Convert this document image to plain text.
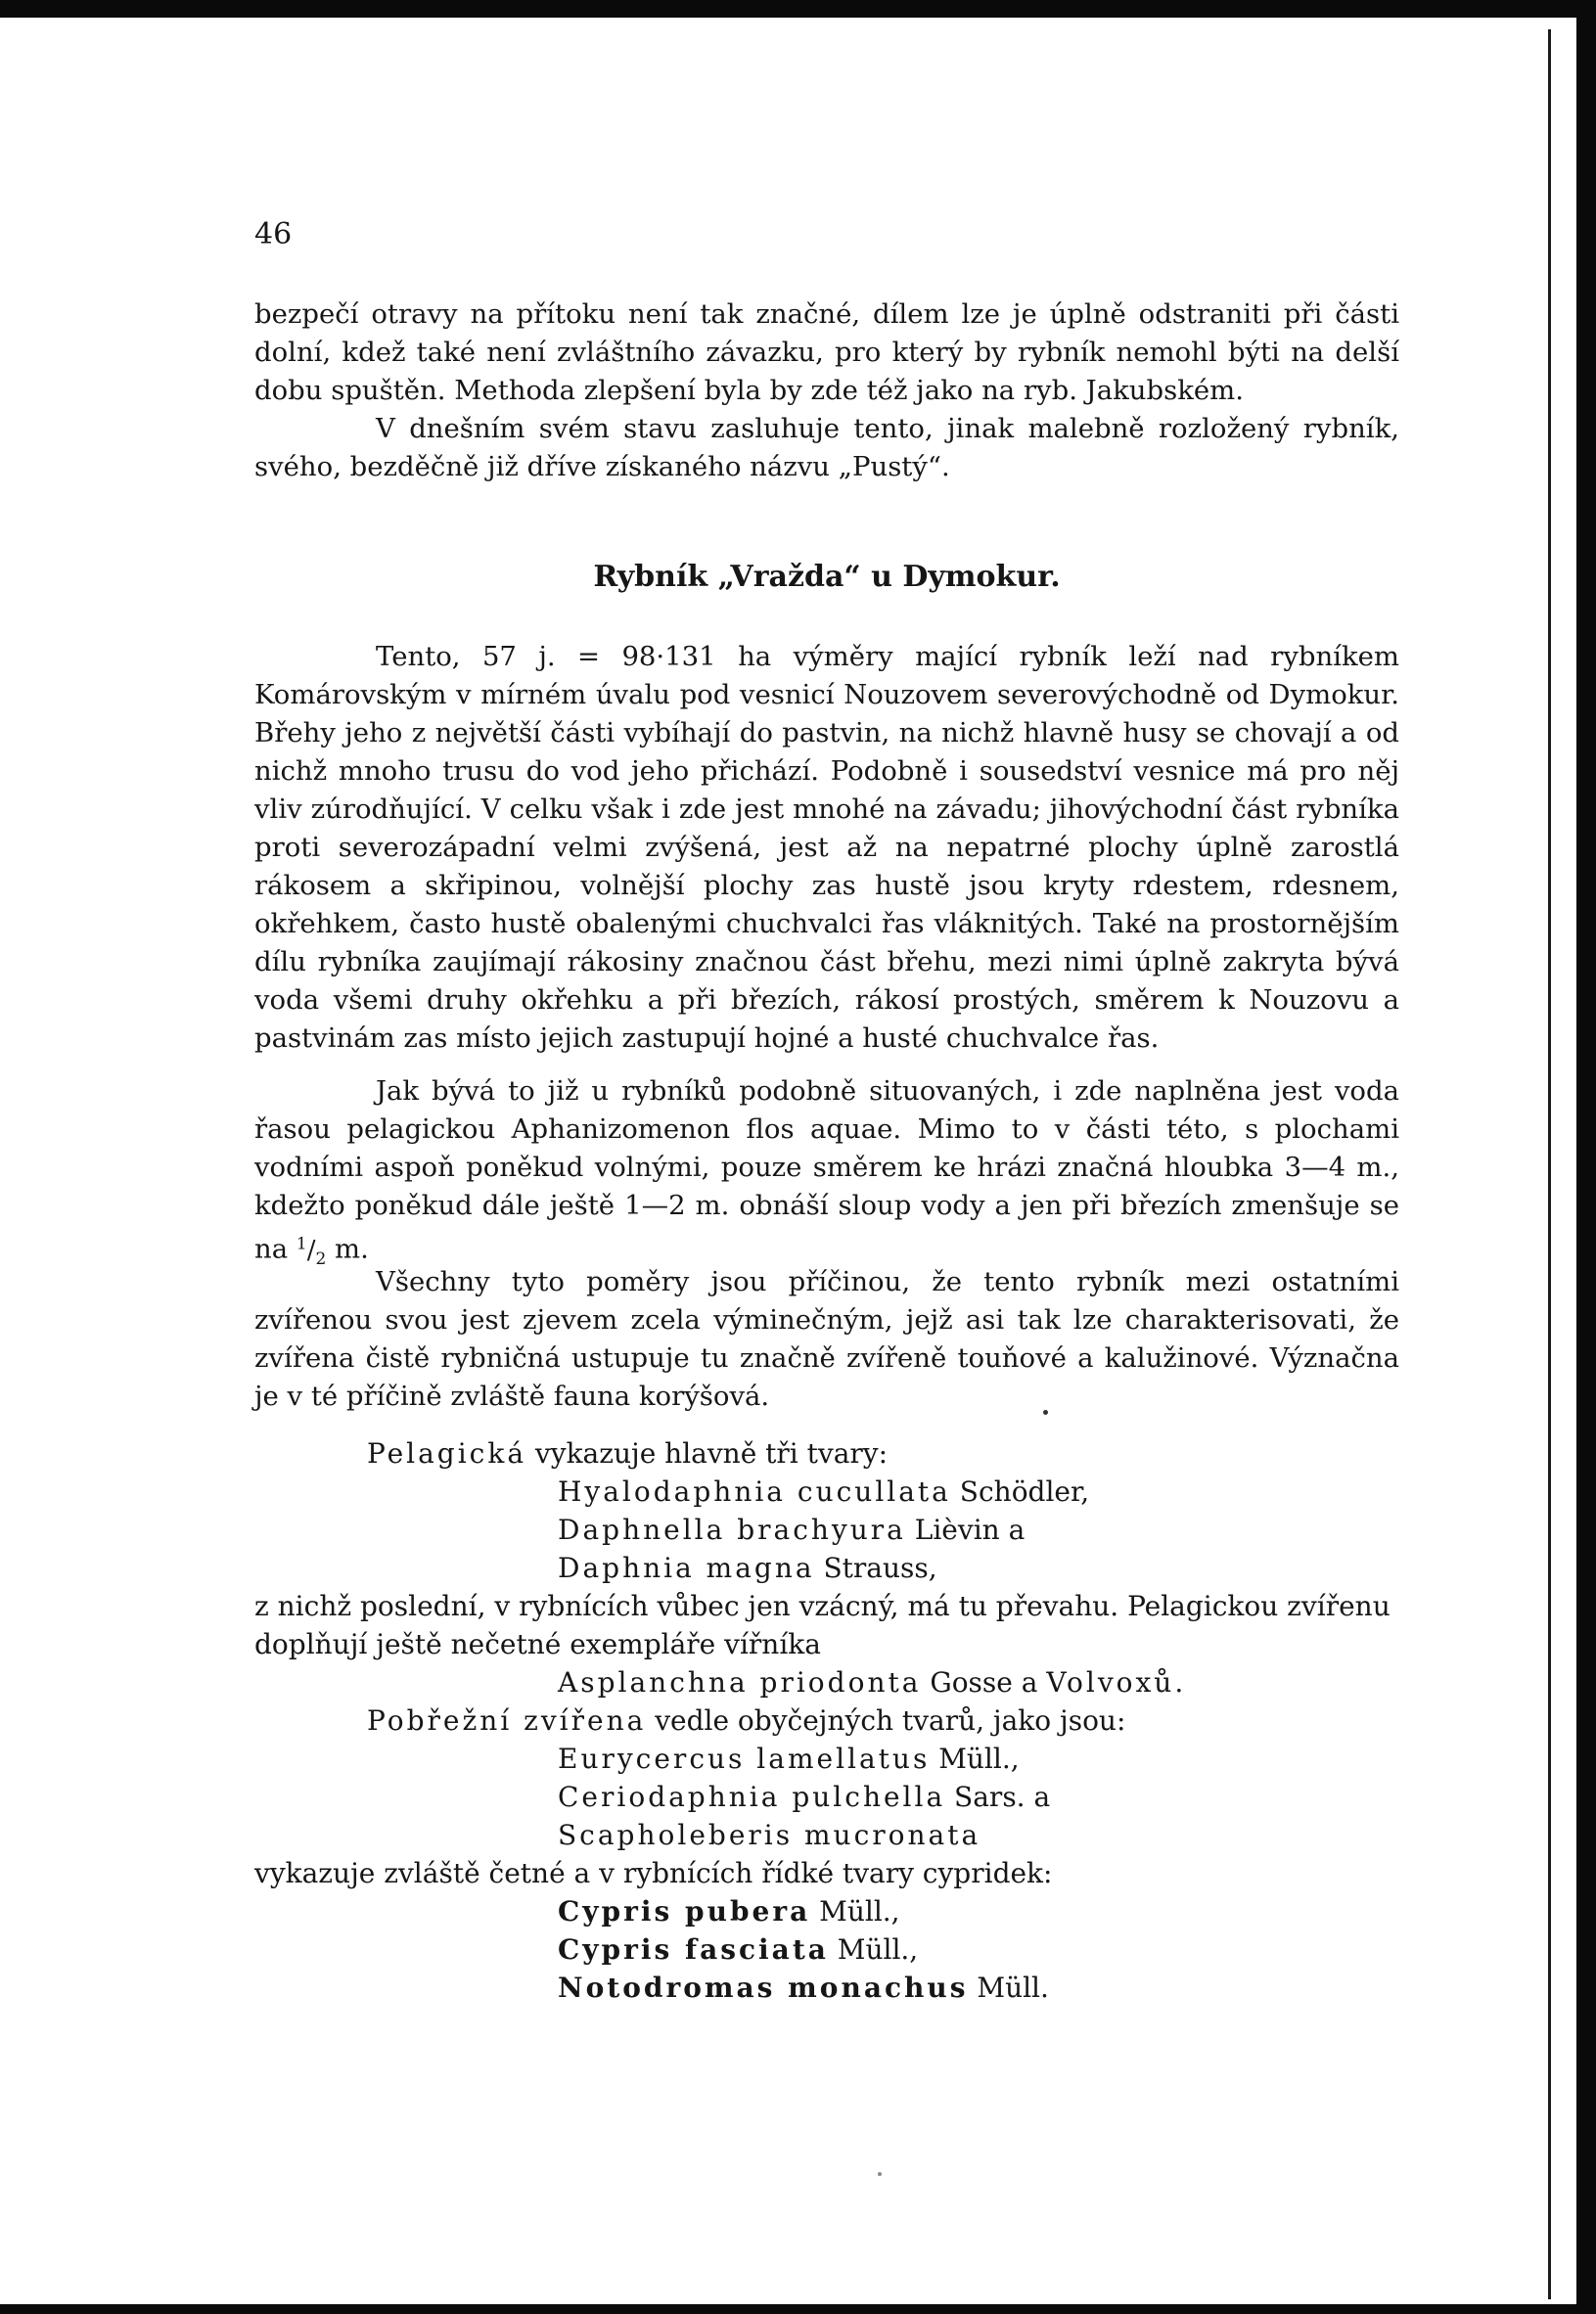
46

bezpečí otravy na přítoku není tak značné, dílem lze je úplně odstraniti při části dolní, kdež také není zvláštního závazku, pro který by rybník nemohl býti na delší dobu spuštěn. Methoda zlepšení byla by zde též jako na ryb. Jakubském.

V dnešním svém stavu zasluhuje tento, jinak malebně rozložený rybník, svého, bezděčně již dříve získaného názvu „Pustý“.

Rybník „Vražda“ u Dymokur.

Tento, 57 j. = 98·131 ha výměry mající rybník leží nad rybníkem Komárovským v mírném úvalu pod vesnicí Nouzovem severovýchodně od Dymokur. Břehy jeho z největší části vybíhají do pastvin, na nichž hlavně husy se chovají a od nichž mnoho trusu do vod jeho přichází. Podobně i sousedství vesnice má pro něj vliv zúrodňující. V celku však i zde jest mnohé na závadu; jihovýchodní část rybníka proti severozápadní velmi zvýšená, jest až na nepatrné plochy úplně zarostlá rákosem a skřipinou, volnější plochy zas hustě jsou kryty rdestem, rdesnem, okřehkem, často hustě obalenými chuchvalci řas vláknitých. Také na prostornějším dílu rybníka zaujímají rákosiny značnou část břehu, mezi nimi úplně zakryta bývá voda všemi druhy okřehku a při březích, rákosí prostých, směrem k Nouzovu a pastvinám zas místo jejich zastupují hojné a husté chuchvalce řas.

Jak bývá to již u rybníků podobně situovaných, i zde naplněna jest voda řasou pelagickou Aphanizomenon flos aquae. Mimo to v části této, s plochami vodními aspoň poněkud volnými, pouze směrem ke hrázi značná hloubka 3—4 m., kdežto poněkud dále ještě 1—2 m. obnáší sloup vody a jen při březích zmenšuje se na $^1/_2$ m.

Všechny tyto poměry jsou příčinou, že tento rybník mezi ostatními zvířenou svou jest zjevem zcela výminečným, jejž asi tak lze charakterisovati, že zvířena čistě rybničná ustupuje tu značně zvířeně touňové a kalužinové. Význačna je v té příčině zvláště fauna korýšová.

Pelagická vykazuje hlavně tři tvary:
Hyalodaphnia cucullata Schödler,
Daphnella brachyura Lièvin a
Daphnia magna Strauss,
z nichž poslední, v rybnících vůbec jen vzácný, má tu převahu. Pelagickou zvířenu
doplňují ještě nečetné exempláře vířníka
Asplanchna priodonta Gosse a Volvoxů.
Pobřežní zvířena vedle obyčejných tvarů, jako jsou:
Eurycercus lamellatus Müll.,
Ceriodaphnia pulchella Sars. a
Scapholeberis mucronata
vykazuje zvláště četné a v rybnících řídké tvary cypridek:
Cypris pubera Müll.,
Cypris fasciata Müll.,
Notodromas monachus Müll.
